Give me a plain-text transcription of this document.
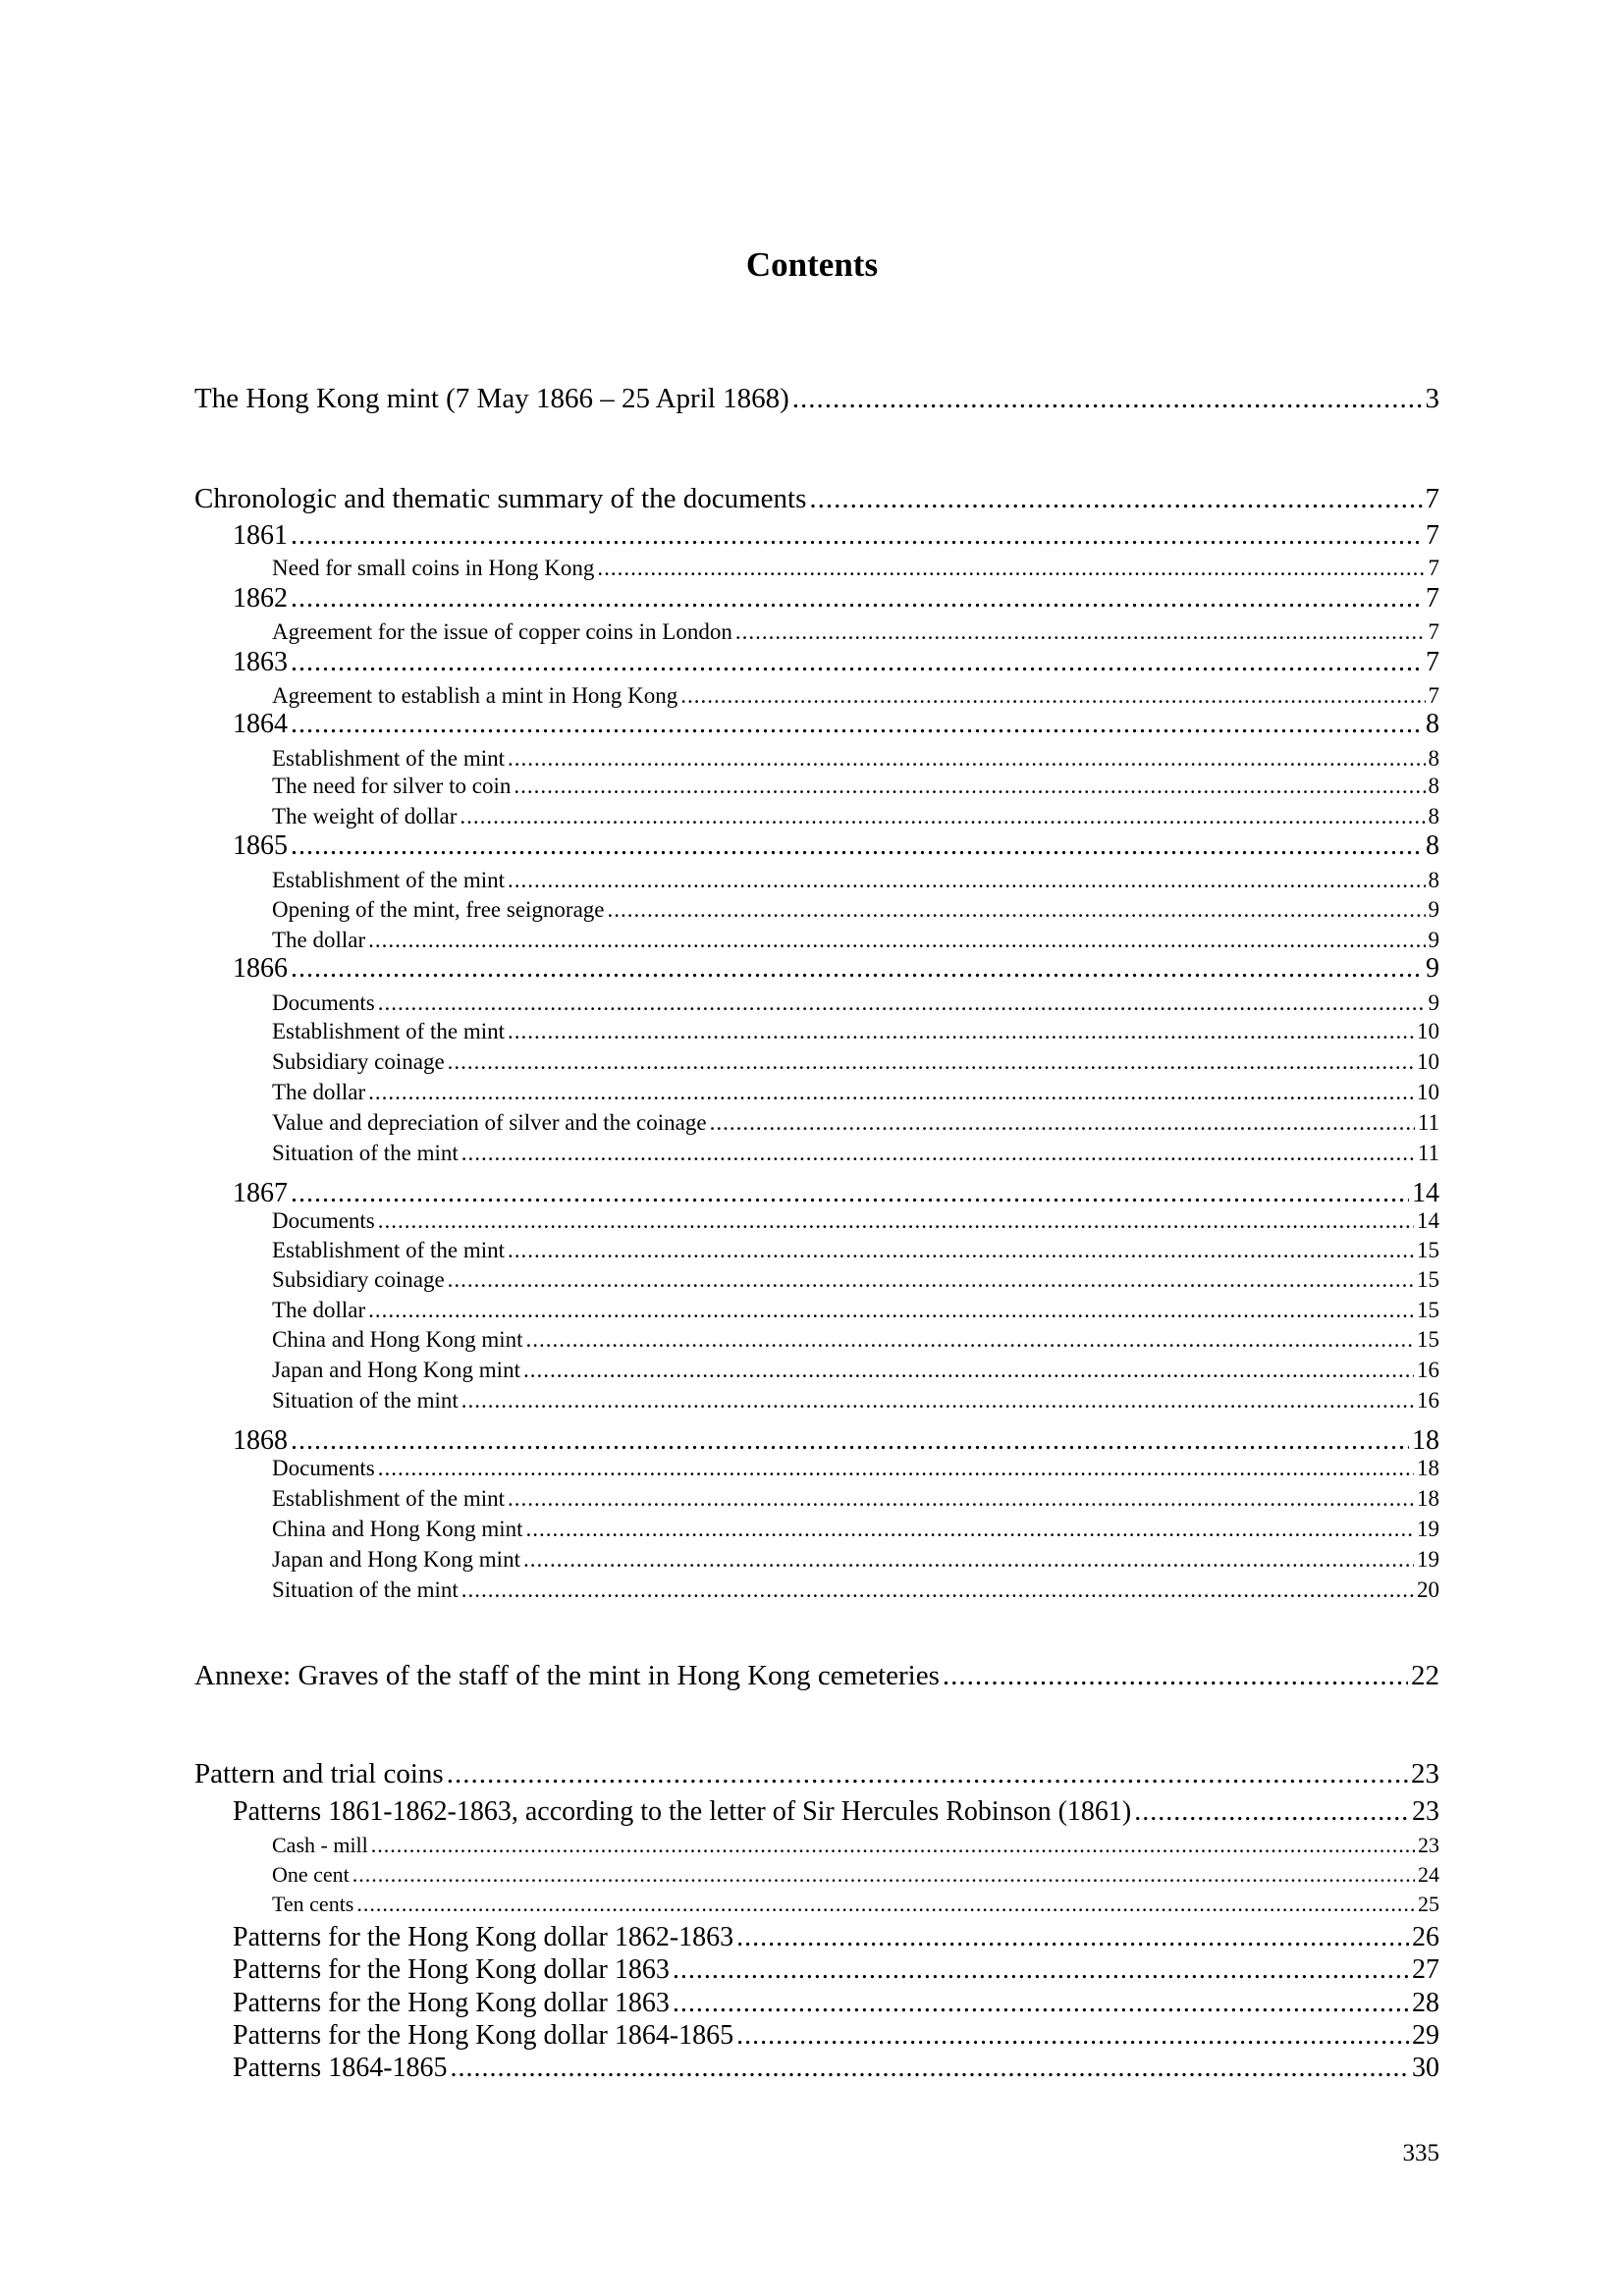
Contents
The Hong Kong mint (7 May 1866 – 25 April 1868) .....	3
Chronologic and thematic summary of the documents .....	7
1861 .....	7
Need for small coins in Hong Kong .....	7
1862 .....	7
Agreement for the issue of copper coins in London .....	7
1863 .....	7
Agreement to establish a mint in Hong Kong .....	7
1864 .....	8
Establishment of the mint .....	8
The need for silver to coin .....	8
The weight of dollar .....	8
1865 .....	8
Establishment of the mint .....	8
Opening of the mint, free seignorage .....	9
The dollar .....	9
1866 .....	9
Documents .....	9
Establishment of the mint .....	10
Subsidiary coinage .....	10
The dollar .....	10
Value and depreciation of silver and the coinage .....	11
Situation of the mint .....	11
1867 .....	14
Documents .....	14
Establishment of the mint .....	15
Subsidiary coinage .....	15
The dollar .....	15
China and Hong Kong mint .....	15
Japan and Hong Kong mint .....	16
Situation of the mint .....	16
1868 .....	18
Documents .....	18
Establishment of the mint .....	18
China and Hong Kong mint .....	19
Japan and Hong Kong mint .....	19
Situation of the mint .....	20
Annexe: Graves of the staff of the mint in Hong Kong cemeteries .....	22
Pattern and trial coins .....	23
Patterns 1861-1862-1863, according to the letter of Sir Hercules Robinson (1861) .....	23
Cash - mill .....	23
One cent .....	24
Ten cents .....	25
Patterns for the Hong Kong dollar 1862-1863 .....	26
Patterns for the Hong Kong dollar 1863 .....	27
Patterns for the Hong Kong dollar 1863 .....	28
Patterns for the Hong Kong dollar 1864-1865 .....	29
Patterns 1864-1865 .....	30
335
